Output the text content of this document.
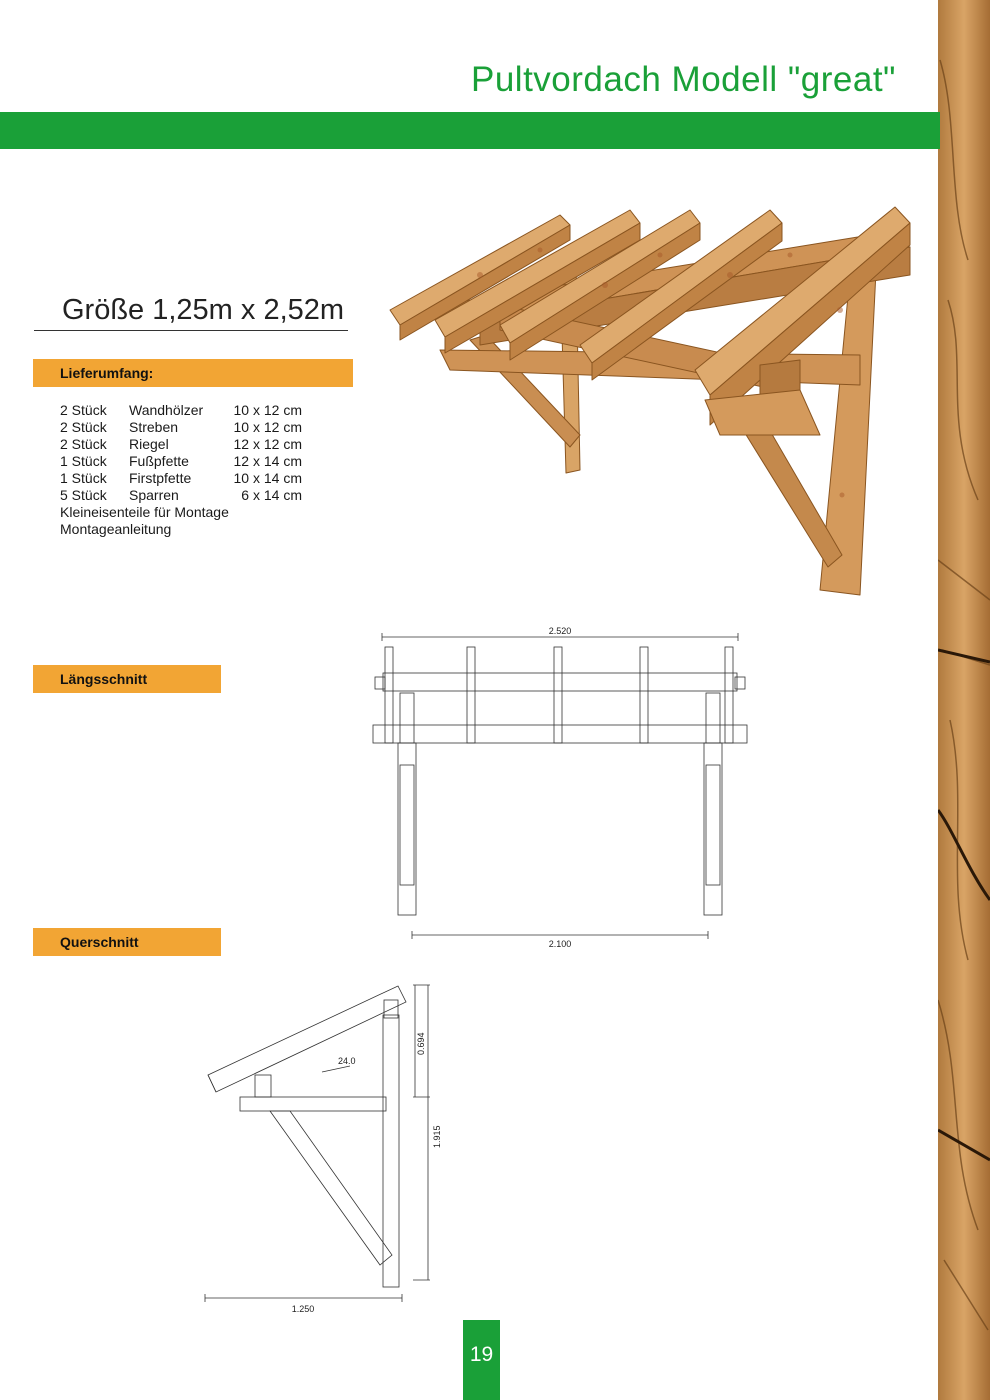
Pultvordach Modell "great"
Größe 1,25m x 2,52m
Lieferumfang:
2 Stück Wandhölzer 10 x 12 cm
2 Stück Streben	10 x 12 cm
2 Stück Riegel	12 x 12 cm
1 Stück Fußpfette	12 x 14 cm
1 Stück Firstpfette	10 x 14 cm
5 Stück Sparren	6 x 14 cm
Kleineisenteile für Montage
Montageanleitung
Längsschnitt
Querschnitt
2.520
2.100
24.0
0.694
1.915
1.250
19
